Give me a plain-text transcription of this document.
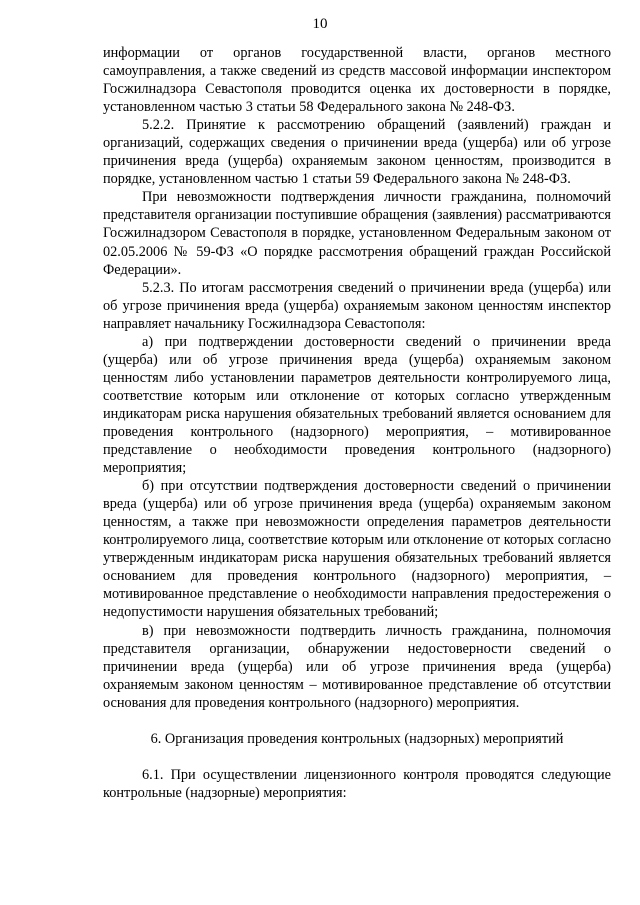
10

информации от органов государственной власти, органов местного самоуправления, а также сведений из средств массовой информации инспектором Госжилнадзора Севастополя проводится оценка их достоверности в порядке, установленном частью 3 статьи 58 Федерального закона № 248-ФЗ.

5.2.2. Принятие к рассмотрению обращений (заявлений) граждан и организаций, содержащих сведения о причинении вреда (ущерба) или об угрозе причинения вреда (ущерба) охраняемым законом ценностям, производится в порядке, установленном частью 1 статьи 59 Федерального закона № 248-ФЗ.

При невозможности подтверждения личности гражданина, полномочий представителя организации поступившие обращения (заявления) рассматриваются Госжилнадзором Севастополя в порядке, установленном Федеральным законом от 02.05.2006 № 59-ФЗ «О порядке рассмотрения обращений граждан Российской Федерации».

5.2.3. По итогам рассмотрения сведений о причинении вреда (ущерба) или об угрозе причинения вреда (ущерба) охраняемым законом ценностям инспектор направляет начальнику Госжилнадзора Севастополя:

а) при подтверждении достоверности сведений о причинении вреда (ущерба) или об угрозе причинения вреда (ущерба) охраняемым законом ценностям либо установлении параметров деятельности контролируемого лица, соответствие которым или отклонение от которых согласно утвержденным индикаторам риска нарушения обязательных требований является основанием для проведения контрольного (надзорного) мероприятия, – мотивированное представление о необходимости проведения контрольного (надзорного) мероприятия;

б) при отсутствии подтверждения достоверности сведений о причинении вреда (ущерба) или об угрозе причинения вреда (ущерба) охраняемым законом ценностям, а также при невозможности определения параметров деятельности контролируемого лица, соответствие которым или отклонение от которых согласно утвержденным индикаторам риска нарушения обязательных требований является основанием для проведения контрольного (надзорного) мероприятия, – мотивированное представление о необходимости направления предостережения о недопустимости нарушения обязательных требований;

в) при невозможности подтвердить личность гражданина, полномочия представителя организации, обнаружении недостоверности сведений о причинении вреда (ущерба) или об угрозе причинения вреда (ущерба) охраняемым законом ценностям – мотивированное представление об отсутствии основания для проведения контрольного (надзорного) мероприятия.

6. Организация проведения контрольных (надзорных) мероприятий

6.1. При осуществлении лицензионного контроля проводятся следующие контрольные (надзорные) мероприятия:
